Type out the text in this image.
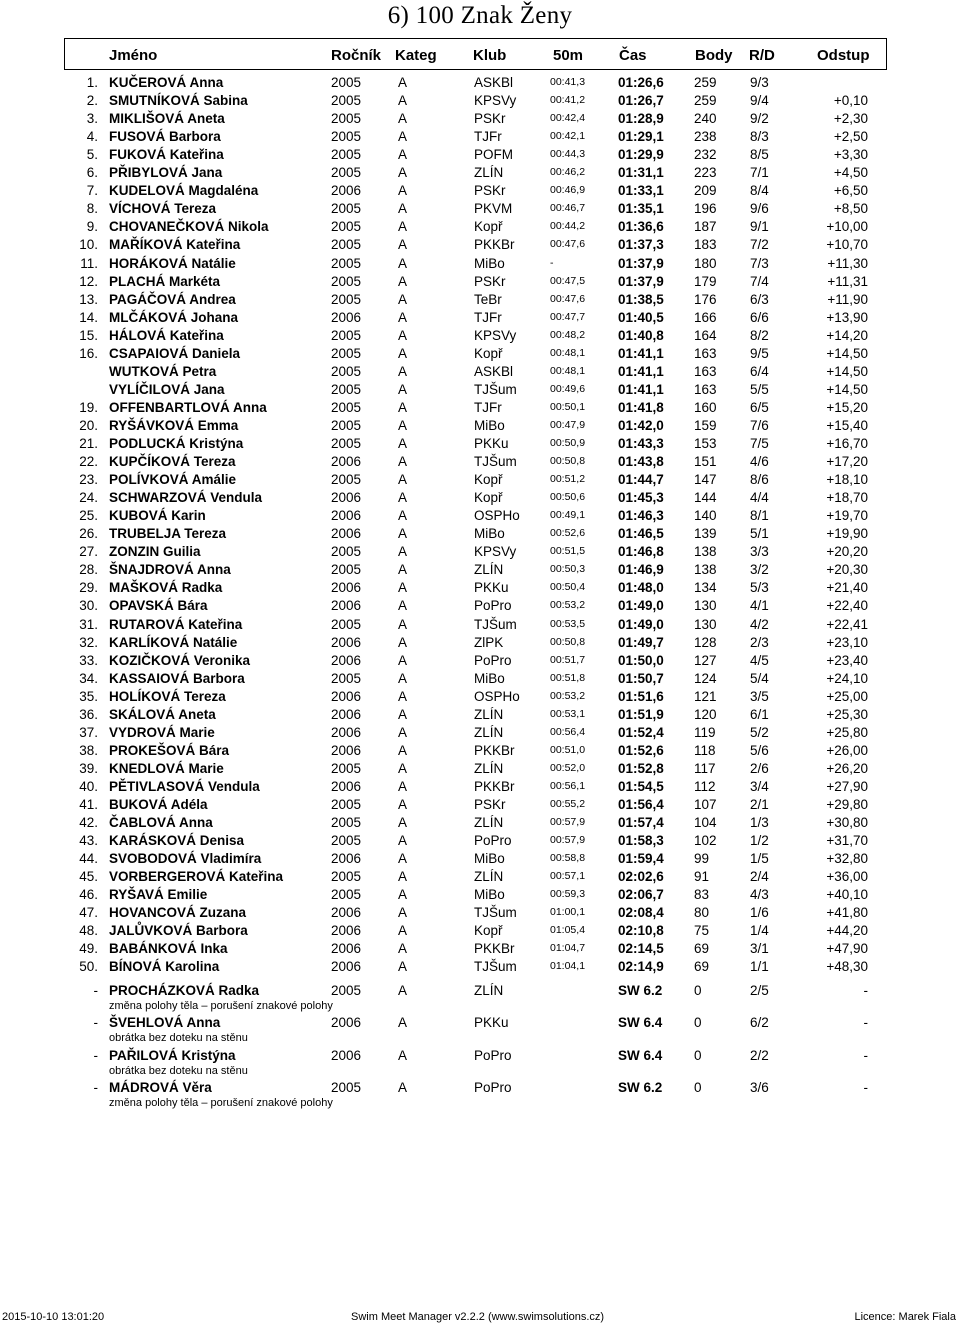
6) 100 Znak Ženy
Jméno	Ročník Kateg Klub	50m Čas	Body R/D	Odstup
1. KUČEROVÁ Anna	2005	A	ASKBl	00:41,3 01:26,6 259 9/3
2. SMUTNÍKOVÁ Sabina	2005	A	KPSVy	00:41,2 01:26,7 259 9/4	+0,10
3. MIKLIŠOVÁ Aneta	2005	A	PSKr	00:42,4 01:28,9 240 9/2	+2,30
4. FUSOVÁ Barbora	2005	A	TJFr	00:42,1 01:29,1 238 8/3	+2,50
5. FUKOVÁ Kateřina	2005	A	POFM	00:44,3 01:29,9 232 8/5	+3,30
6. PŘIBYLOVÁ Jana	2005	A	ZLÍN	00:46,2 01:31,1 223 7/1	+4,50
7. KUDELOVÁ Magdaléna	2006	A	PSKr	00:46,9 01:33,1 209 8/4	+6,50
8. VÍCHOVÁ Tereza	2005	A	PKVM	00:46,7 01:35,1 196 9/6	+8,50
9. CHOVANEČKOVÁ Nikola	2005	A	Kopř	00:44,2 01:36,6 187 9/1	+10,00
10. MAŘÍKOVÁ Kateřina	2005	A	PKKBr	00:47,6 01:37,3 183 7/2	+10,70
11. HORÁKOVÁ Natálie	2005	A	MiBo	-	01:37,9 180 7/3	+11,30
12. PLACHÁ Markéta	2005	A	PSKr	00:47,5 01:37,9 179 7/4	+11,31
13. PAGÁČOVÁ Andrea	2005	A	TeBr	00:47,6 01:38,5 176 6/3	+11,90
14. MLČÁKOVÁ Johana	2006	A	TJFr	00:47,7 01:40,5 166 6/6	+13,90
15. HÁLOVÁ Kateřina	2005	A	KPSVy	00:48,2 01:40,8 164 8/2	+14,20
16. CSAPAIOVÁ Daniela	2005	A	Kopř	00:48,1 01:41,1 163 9/5	+14,50
WUTKOVÁ Petra	2005	A	ASKBl	00:48,1 01:41,1 163 6/4	+14,50
VYLÍČILOVÁ Jana	2005	A	TJŠum	00:49,6 01:41,1 163 5/5	+14,50
19. OFFENBARTLOVÁ Anna	2005	A	TJFr	00:50,1 01:41,8 160 6/5	+15,20
20. RYŠÁVKOVÁ Emma	2005	A	MiBo	00:47,9 01:42,0 159 7/6	+15,40
21. PODLUCKÁ Kristýna	2005	A	PKKu	00:50,9 01:43,3 153 7/5	+16,70
22. KUPČÍKOVÁ Tereza	2006	A	TJŠum	00:50,8 01:43,8 151 4/6	+17,20
23. POLÍVKOVÁ Amálie	2005	A	Kopř	00:51,2 01:44,7 147 8/6	+18,10
24. SCHWARZOVÁ Vendula	2006	A	Kopř	00:50,6 01:45,3 144 4/4	+18,70
25. KUBOVÁ Karin	2006	A	OSPHo	00:49,1 01:46,3 140 8/1	+19,70
26. TRUBELJA Tereza	2006	A	MiBo	00:52,6 01:46,5 139 5/1	+19,90
27. ZONZIN Guilia	2005	A	KPSVy	00:51,5 01:46,8 138 3/3	+20,20
28. ŠNAJDROVÁ Anna	2005	A	ZLÍN	00:50,3 01:46,9 138 3/2	+20,30
29. MAŠKOVÁ Radka	2006	A	PKKu	00:50,4 01:48,0 134 5/3	+21,40
30. OPAVSKÁ Bára	2006	A	PoPro	00:53,2 01:49,0 130 4/1	+22,40
31. RUTAROVÁ Kateřina	2005	A	TJŠum	00:53,5 01:49,0 130 4/2	+22,41
32. KARLÍKOVÁ Natálie	2006	A	ZlPK	00:50,8 01:49,7 128 2/3	+23,10
33. KOZIČKOVÁ Veronika	2006	A	PoPro	00:51,7 01:50,0 127 4/5	+23,40
34. KASSAIOVÁ Barbora	2005	A	MiBo	00:51,8 01:50,7 124 5/4	+24,10
35. HOLÍKOVÁ Tereza	2006	A	OSPHo	00:53,2 01:51,6 121 3/5	+25,00
36. SKÁLOVÁ Aneta	2006	A	ZLÍN	00:53,1 01:51,9 120 6/1	+25,30
37. VYDROVÁ Marie	2006	A	ZLÍN	00:56,4 01:52,4 119	5/2	+25,80
38. PROKEŠOVÁ Bára	2006	A	PKKBr	00:51,0 01:52,6 118	5/6	+26,00
39. KNEDLOVÁ Marie	2005	A	ZLÍN	00:52,0 01:52,8 117	2/6	+26,20
40. PĚTIVLASOVÁ Vendula	2006	A	PKKBr	00:56,1 01:54,5 112	3/4	+27,90
41. BUKOVÁ Adéla	2005	A	PSKr	00:55,2 01:56,4 107 2/1	+29,80
42. ČABLOVÁ Anna	2005	A	ZLÍN	00:57,9 01:57,4 104 1/3	+30,80
43. KARÁSKOVÁ Denisa	2005	A	PoPro	00:57,9 01:58,3 102 1/2	+31,70
44. SVOBODOVÁ Vladimíra	2006	A	MiBo	00:58,8 01:59,4 99	1/5	+32,80
45. VORBERGEROVÁ Kateřina	2005	A	ZLÍN	00:57,1 02:02,6 91	2/4	+36,00
46. RYŠAVÁ Emilie	2005	A	MiBo	00:59,3 02:06,7 83	4/3	+40,10
47. HOVANCOVÁ Zuzana	2006	A	TJŠum	01:00,1 02:08,4 80	1/6	+41,80
48. JALŮVKOVÁ Barbora	2006	A	Kopř	01:05,4 02:10,8 75	1/4	+44,20
49. BABÁNKOVÁ Inka	2006	A	PKKBr	01:04,7 02:14,5 69	3/1	+47,90
50. BÍNOVÁ Karolina	2006	A	TJŠum	01:04,1 02:14,9 69	1/1	+48,30
- PROCHÁZKOVÁ Radka	2005	A	ZLÍN	SW 6.2 0	2/5	-
změna polohy těla – porušení znakové polohy
- ŠVEHLOVÁ Anna	2006	A	PKKu	SW 6.4 0	6/2	-
obrátka bez doteku na stěnu
- PAŘILOVÁ Kristýna	2006	A	PoPro	SW 6.4 0	2/2	-
obrátka bez doteku na stěnu
- MÁDROVÁ Věra	2005	A	PoPro	SW 6.2 0	3/6	-
změna polohy těla – porušení znakové polohy
2015-10-10 13:01:20	Swim Meet Manager v2.2.2 (www.swimsolutions.cz)	Licence: Marek Fiala
